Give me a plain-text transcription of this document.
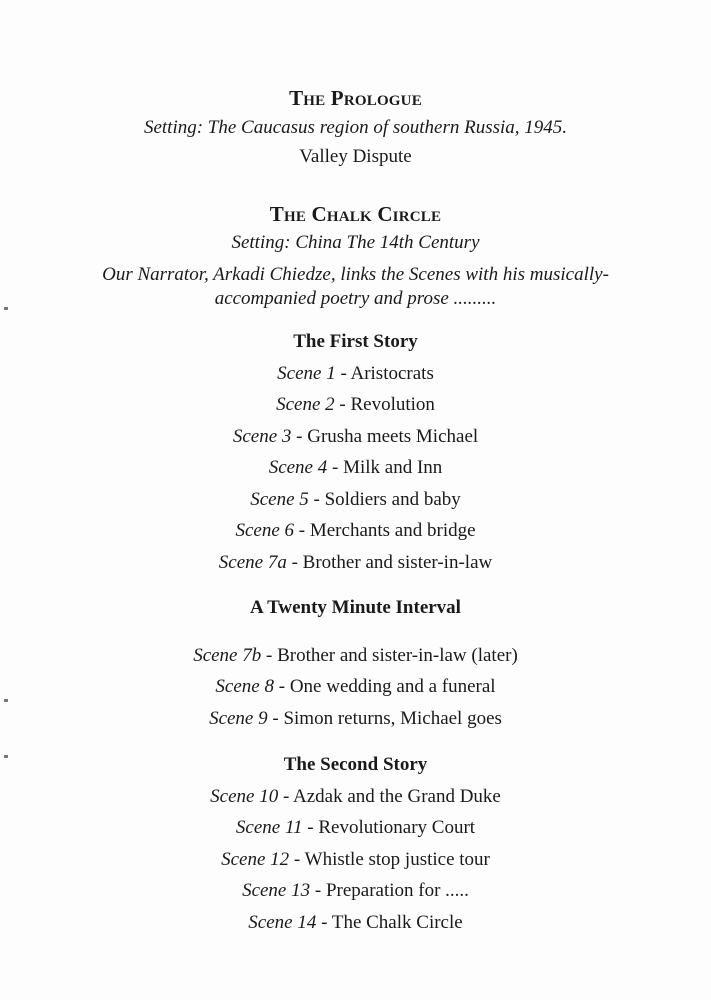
The Prologue
Setting: The Caucasus region of southern Russia, 1945.
Valley Dispute
The Chalk Circle
Setting: China The 14th Century
Our Narrator, Arkadi Chiedze, links the Scenes with his musically-
accompanied poetry and prose .........
The First Story
Scene 1 - Aristocrats
Scene 2 - Revolution
Scene 3 - Grusha meets Michael
Scene 4 - Milk and Inn
Scene 5 - Soldiers and baby
Scene 6 - Merchants and bridge
Scene 7a - Brother and sister-in-law
A Twenty Minute Interval
Scene 7b - Brother and sister-in-law (later)
Scene 8 - One wedding and a funeral
Scene 9 - Simon returns, Michael goes
The Second Story
Scene 10 - Azdak and the Grand Duke
Scene 11 - Revolutionary Court
Scene 12 - Whistle stop justice tour
Scene 13 - Preparation for .....
Scene 14 - The Chalk Circle
